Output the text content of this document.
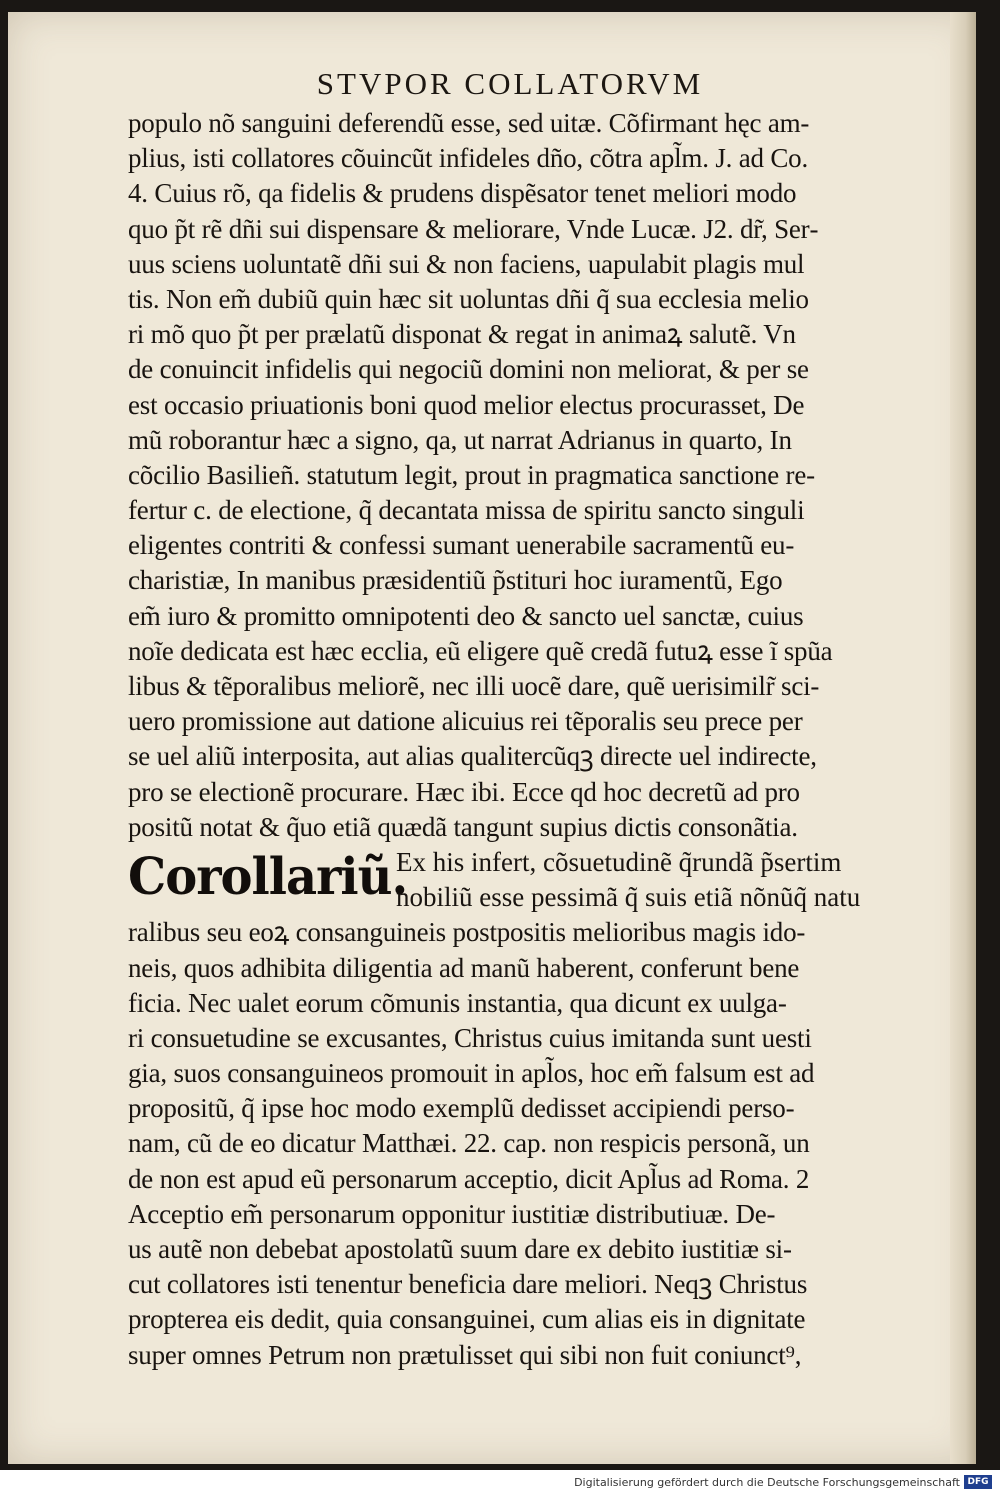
STVPOR COLLATORVM
populo nõ sanguini deferendũ esse, sed uitæ. Cõfirmant hęc am‑
plius, isti collatores cõuincũt infideles dño, cõtra apl̃m. J. ad Co.
4. Cuius rõ, qa fidelis & prudens dispẽsator tenet meliori modo
quo p̃t rẽ dñi sui dispensare & meliorare, Vnde Lucæ. J2. dr̃, Ser‑
uus sciens uoluntatẽ dñi sui & non faciens, uapulabit plagis mul
tis. Non em̃ dubiũ quin hæc sit uoluntas dñi q̃ sua ecclesia melio
ri mõ quo p̃t per prælatũ disponat & regat in animaꝝ salutẽ. Vn
de conuincit infidelis qui negociũ domini non meliorat, & per se
est occasio priuationis boni quod melior electus procurasset, De
mũ roborantur hæc a signo, qa, ut narrat Adrianus in quarto, In
cõcilio Basilieñ. statutum legit, prout in pragmatica sanctione re‑
fertur c. de electione, q̃ decantata missa de spiritu sancto singuli
eligentes contriti & confessi sumant uenerabile sacramentũ eu‑
charistiæ, In manibus præsidentiũ p̃stituri hoc iuramentũ, Ego
em̃ iuro & promitto omnipotenti deo & sancto uel sanctæ, cuius
noĩe dedicata est hæc ecclia, eũ eligere quẽ credã futuꝝ esse ĩ spũa
libus & tẽporalibus meliorẽ, nec illi uocẽ dare, quẽ uerisimilr̃ sci‑
uero promissione aut datione alicuius rei tẽporalis seu prece per
se uel aliũ interposita, aut alias qualitercũqꝫ directe uel indirecte,
pro se electionẽ procurare. Hæc ibi. Ecce qd hoc decretũ ad pro
positũ notat & q̃uo etiã quædã tangunt supius dictis consonãtia.
Corollariũ.
Ex his infert, cõsuetudinẽ q̃rundã p̃sertim
nobiliũ esse pessimã q̃ suis etiã nõnũq̃ natu
ralibus seu eoꝝ consanguineis postpositis melioribus magis ido‑
neis, quos adhibita diligentia ad manũ haberent, conferunt bene
ficia. Nec ualet eorum cõmunis instantia, qua dicunt ex uulga‑
ri consuetudine se excusantes, Christus cuius imitanda sunt uesti
gia, suos consanguineos promouit in apl̃os, hoc em̃ falsum est ad
propositũ, q̃ ipse hoc modo exemplũ dedisset accipiendi perso‑
nam, cũ de eo dicatur Matthæi. 22. cap. non respicis personã, un
de non est apud eũ personarum acceptio, dicit Apl̃us ad Roma. 2
Acceptio em̃ personarum opponitur iustitiæ distributiuæ. De‑
us autẽ non debebat apostolatũ suum dare ex debito iustitiæ si‑
cut collatores isti tenentur beneficia dare meliori. Neqꝫ Christus
propterea eis dedit, quia consanguinei, cum alias eis in dignitate
super omnes Petrum non prætulisset qui sibi non fuit coniunct⁹,
Digitalisierung gefördert durch die Deutsche Forschungsgemeinschaft DFG
